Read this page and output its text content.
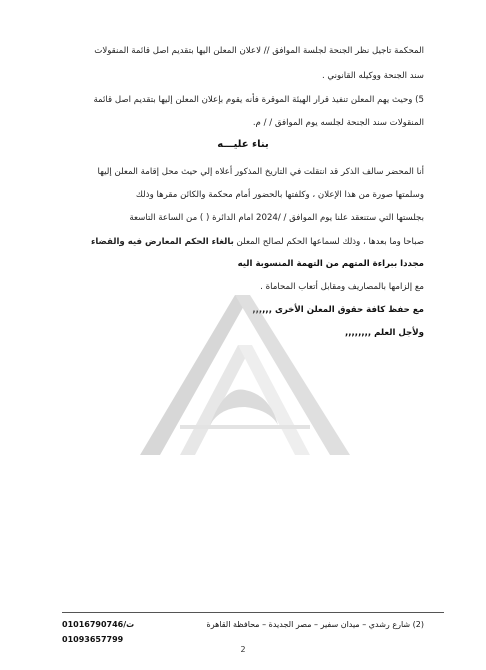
المحكمة تاجيل نظر الجنحة لجلسة الموافق // لاعلان المعلن اليها بتقديم اصل قائمة المنقولات
سند الجنحة ووكيله القانوني .
5) وحيث يهم المعلن تنفيذ قرار الهيئة الموقرة فأنه يقوم بإعلان المعلن إليها بتقديم اصل قائمة
المنقولات سند الجنحة لجلسه يوم الموافق / / م.
بناء عليـــه
أنا المحضر سالف الذكر قد انتقلت في التاريخ المذكور أعلاه إلي حيث محل إقامة المعلن إليها
وسلمتها صورة من هذا الإعلان ، وكلفتها بالحضور أمام محكمة والكائن مقرها وذلك
بجلستها التي ستنعقد علنا يوم الموافق / /2024 امام الدائرة ( ) من الساعة التاسعة
صباحا وما بعدها ، وذلك لسماعها الحكم لصالح المعلن بالغاء الحكم المعارض فيه والقضاء
مجددا ببراءة المتهم من التهمة المنسوبة اليه
مع إلزامها بالمصاريف ومقابل أتعاب المحاماة .
مع حفظ كافة حقوق المعلن الأخرى ,,,,,,
ولأجل العلم ,,,,,,,,
(2) شارع رشدي – ميدان سفير – مصر الجديدة – محافظة القاهرة
ت/01016790746
01093657799
2
